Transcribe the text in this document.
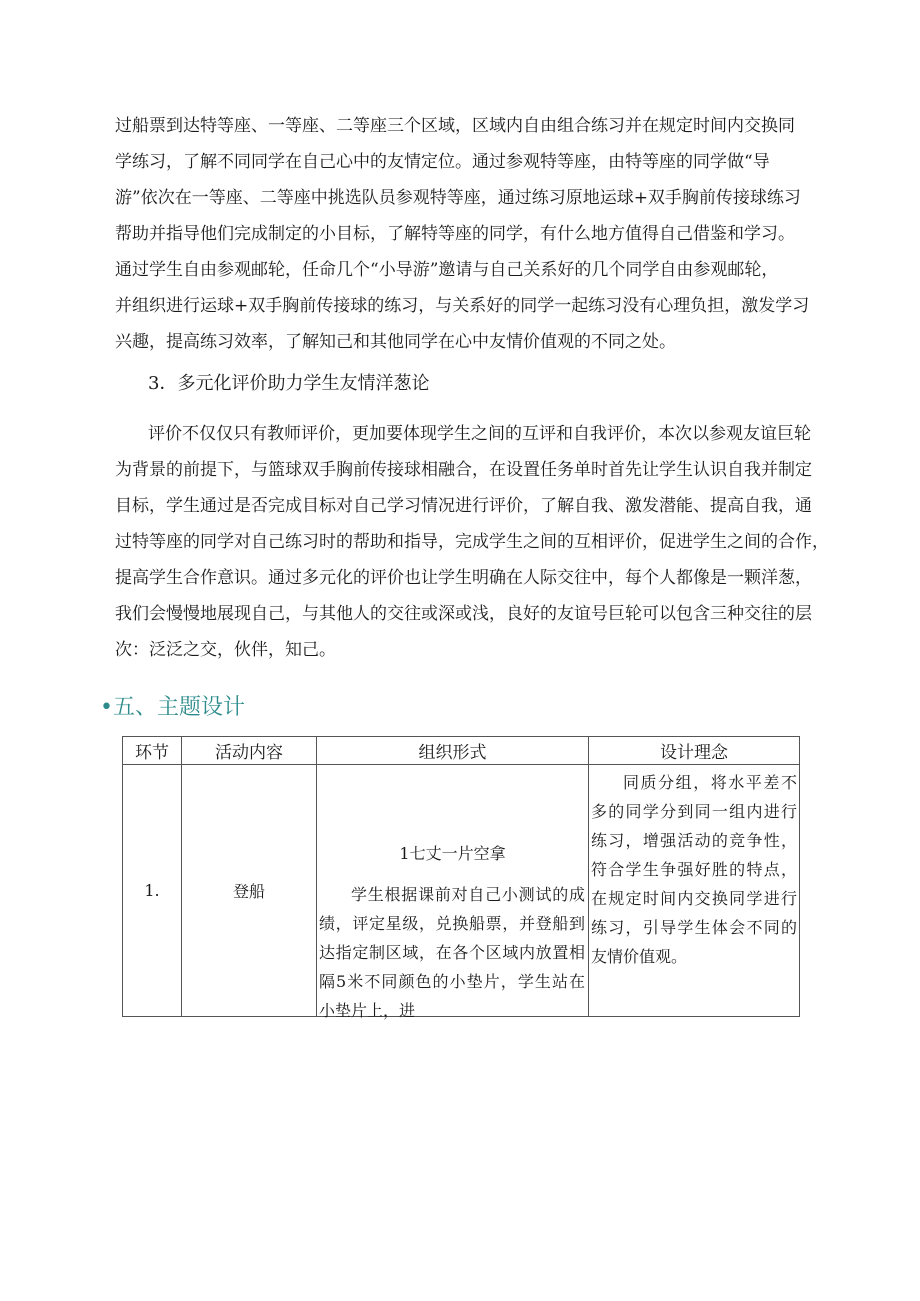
过船票到达特等座、一等座、二等座三个区域，区域内自由组合练习并在规定时间内交换同
学练习，了解不同同学在自己心中的友情定位。通过参观特等座，由特等座的同学做“导
游”依次在一等座、二等座中挑选队员参观特等座，通过练习原地运球+双手胸前传接球练习
帮助并指导他们完成制定的小目标，了解特等座的同学，有什么地方值得自己借鉴和学习。
通过学生自由参观邮轮，任命几个“小导游”邀请与自己关系好的几个同学自由参观邮轮，
并组织进行运球+双手胸前传接球的练习，与关系好的同学一起练习没有心理负担，激发学习
兴趣，提高练习效率，了解知己和其他同学在心中友情价值观的不同之处。
3．多元化评价助力学生友情洋葱论
评价不仅仅只有教师评价，更加要体现学生之间的互评和自我评价，本次以参观友谊巨轮
为背景的前提下，与篮球双手胸前传接球相融合，在设置任务单时首先让学生认识自我并制定
目标，学生通过是否完成目标对自己学习情况进行评价，了解自我、激发潜能、提高自我，通
过特等座的同学对自己练习时的帮助和指导，完成学生之间的互相评价，促进学生之间的合作，
提高学生合作意识。通过多元化的评价也让学生明确在人际交往中，每个人都像是一颗洋葱，
我们会慢慢地展现自己，与其他人的交往或深或浅，良好的友谊号巨轮可以包含三种交往的层
次：泛泛之交，伙伴，知己。
•五、主题设计
环节	活动内容	组织形式	设计理念
1.	登船	1七丈一片空拿
学生根据课前对自己小测试的成绩，评定星级，兑换船票，并登船到达指定制区域，在各个区域内放置相隔5米不同颜色的小垫片，学生站在小垫片上，进	同质分组，将水平差不多的同学分到同一组内进行练习，增强活动的竞争性，符合学生争强好胜的特点，在规定时间内交换同学进行练习，引导学生体会不同的友情价值观。
